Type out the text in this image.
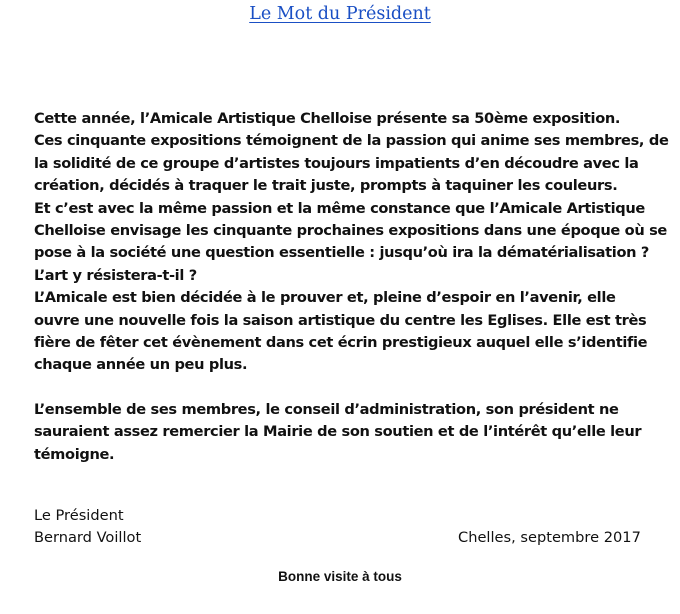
Le Mot du Président
Cette année, l’Amicale Artistique Chelloise présente sa 50ème exposition.
Ces cinquante expositions témoignent de la passion qui anime ses membres, de
la solidité de ce groupe d’artistes toujours impatients d’en découdre avec la
création, décidés à traquer le trait juste, prompts à taquiner les couleurs.
Et c’est avec la même passion et la même constance que l’Amicale Artistique
Chelloise envisage les cinquante prochaines expositions dans une époque où se
pose à la société une question essentielle : jusqu’où ira la dématérialisation ?
L’art y résistera-t-il ?
L’Amicale est bien décidée à le prouver et, pleine d’espoir en l’avenir, elle
ouvre une nouvelle fois la saison artistique du centre les Eglises. Elle est très
fière de fêter cet évènement dans cet écrin prestigieux auquel elle s’identifie
chaque année un peu plus.
L’ensemble de ses membres, le conseil d’administration, son président ne
sauraient assez remercier la Mairie de son soutien et de l’intérêt qu’elle leur
témoigne.
Le Président
Bernard Voillot	Chelles, septembre 2017
Bonne visite à tous
